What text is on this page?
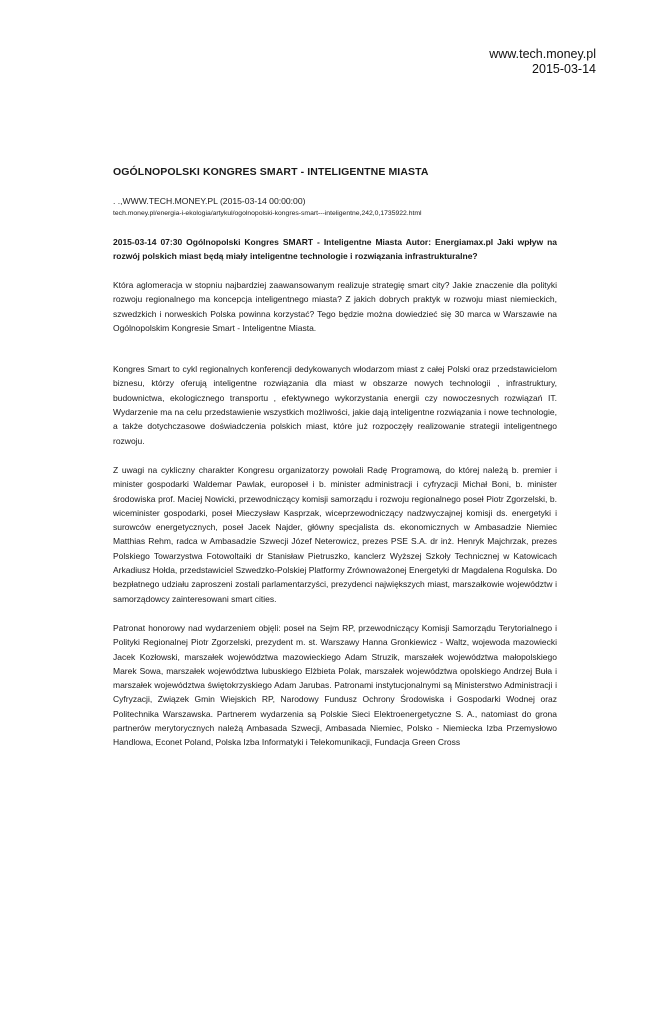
www.tech.money.pl
2015-03-14
OGÓLNOPOLSKI KONGRES SMART - INTELIGENTNE MIASTA

. .,WWW.TECH.MONEY.PL (2015-03-14 00:00:00)

tech.money.pl/energia-i-ekologia/artykul/ogolnopolski-kongres-smart---inteligentne,242,0,1735922.html

2015-03-14 07:30 Ogólnopolski Kongres SMART - Inteligentne Miasta Autor: Energiamax.pl Jaki wpływ na rozwój polskich miast będą miały inteligentne technologie i rozwiązania infrastrukturalne?

Która aglomeracja w stopniu najbardziej zaawansowanym realizuje strategię smart city? Jakie znaczenie dla polityki rozwoju regionalnego ma koncepcja inteligentnego miasta? Z jakich dobrych praktyk w rozwoju miast niemieckich, szwedzkich i norweskich Polska powinna korzystać? Tego będzie można dowiedzieć się 30 marca w Warszawie na Ogólnopolskim Kongresie Smart - Inteligentne Miasta.

Kongres Smart to cykl regionalnych konferencji dedykowanych włodarzom miast z całej Polski oraz przedstawicielom biznesu, którzy oferują inteligentne rozwiązania dla miast w obszarze nowych technologii , infrastruktury, budownictwa, ekologicznego transportu , efektywnego wykorzystania energii czy nowoczesnych rozwiązań IT. Wydarzenie ma na celu przedstawienie wszystkich możliwości, jakie dają inteligentne rozwiązania i nowe technologie, a także dotychczasowe doświadczenia polskich miast, które już rozpoczęły realizowanie strategii inteligentnego rozwoju.

Z uwagi na cykliczny charakter Kongresu organizatorzy powołali Radę Programową, do której należą b. premier i minister gospodarki Waldemar Pawlak, europoseł i b. minister administracji i cyfryzacji Michał Boni, b. minister środowiska prof. Maciej Nowicki, przewodniczący komisji samorządu i rozwoju regionalnego poseł Piotr Zgorzelski, b. wiceminister gospodarki, poseł Mieczysław Kasprzak, wiceprzewodniczący nadzwyczajnej komisji ds. energetyki i surowców energetycznych, poseł Jacek Najder, główny specjalista ds. ekonomicznych w Ambasadzie Niemiec Matthias Rehm, radca w Ambasadzie Szwecji Józef Neterowicz, prezes PSE S.A. dr inż. Henryk Majchrzak, prezes Polskiego Towarzystwa Fotowoltaiki dr Stanisław Pietruszko, kanclerz Wyższej Szkoły Technicznej w Katowicach Arkadiusz Hołda, przedstawiciel Szwedzko-Polskiej Platformy Zrównoważonej Energetyki dr Magdalena Rogulska. Do bezpłatnego udziału zaproszeni zostali parlamentarzyści, prezydenci największych miast, marszałkowie województw i samorządowcy zainteresowani smart cities.

Patronat honorowy nad wydarzeniem objęli: poseł na Sejm RP, przewodniczący Komisji Samorządu Terytorialnego i Polityki Regionalnej Piotr Zgorzelski, prezydent m. st. Warszawy Hanna Gronkiewicz - Waltz, wojewoda mazowiecki Jacek Kozłowski, marszałek województwa mazowieckiego Adam Struzik, marszałek województwa małopolskiego Marek Sowa, marszałek województwa lubuskiego Elżbieta Polak, marszałek województwa opolskiego Andrzej Buła i marszałek województwa świętokrzyskiego Adam Jarubas. Patronami instytucjonalnymi są Ministerstwo Administracji i Cyfryzacji, Związek Gmin Wiejskich RP, Narodowy Fundusz Ochrony Środowiska i Gospodarki Wodnej oraz Politechnika Warszawska. Partnerem wydarzenia są Polskie Sieci Elektroenergetyczne S. A., natomiast do grona partnerów merytorycznych należą Ambasada Szwecji, Ambasada Niemiec, Polsko - Niemiecka Izba Przemysłowo Handlowa, Econet Poland, Polska Izba Informatyki i Telekomunikacji, Fundacja Green Cross
